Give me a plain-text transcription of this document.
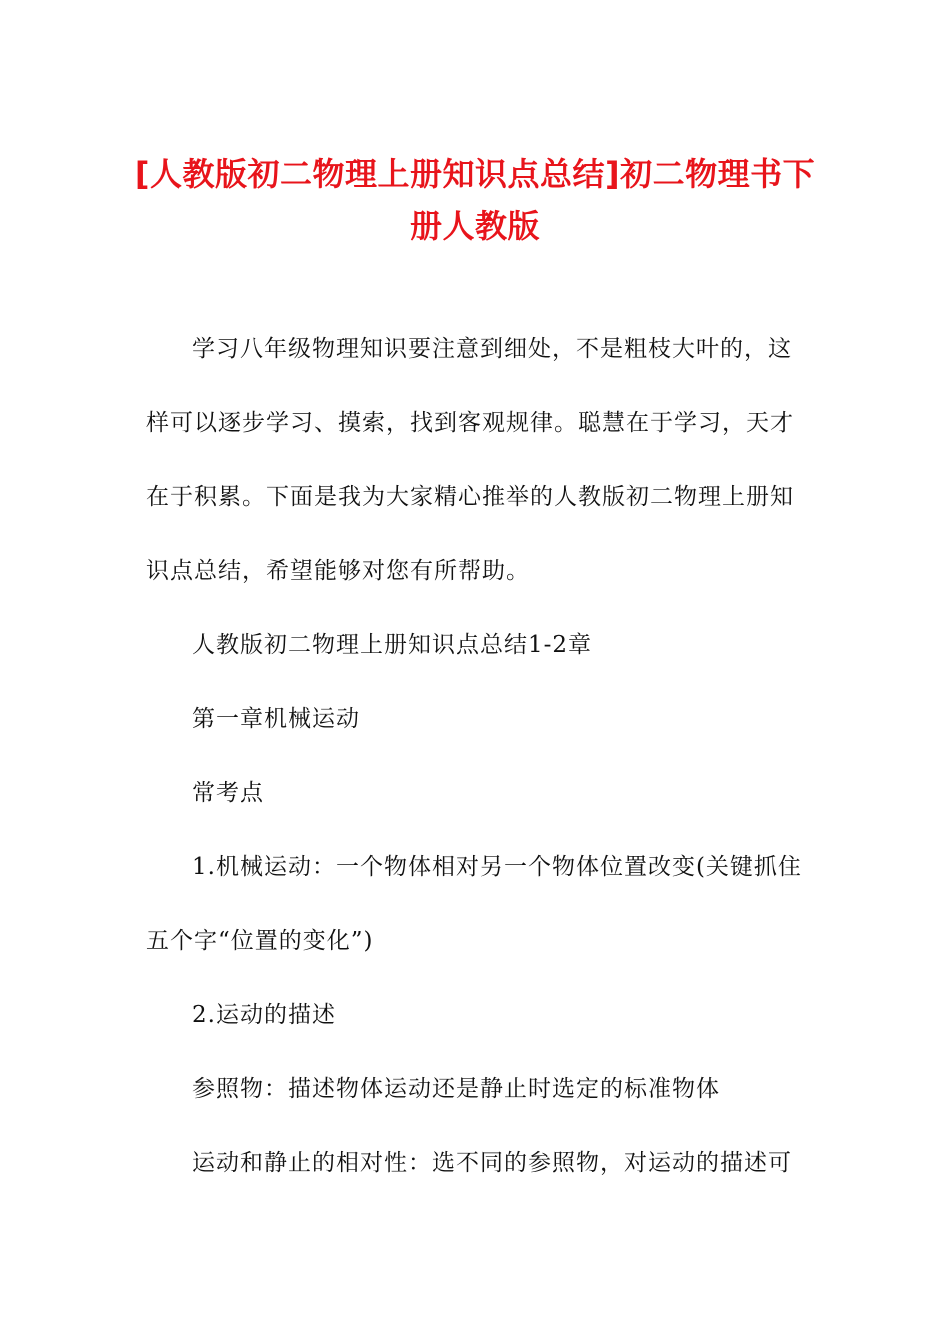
[人教版初二物理上册知识点总结]初二物理书下册人教版

学习八年级物理知识要注意到细处，不是粗枝大叶的，这样可以逐步学习、摸索，找到客观规律。聪慧在于学习，天才在于积累。下面是我为大家精心推举的人教版初二物理上册知识点总结，希望能够对您有所帮助。

人教版初二物理上册知识点总结1-2章

第一章机械运动

常考点

1.机械运动：一个物体相对另一个物体位置改变(关键抓住五个字“位置的变化”)

2.运动的描述

参照物：描述物体运动还是静止时选定的标准物体

运动和静止的相对性：选不同的参照物，对运动的描述可
